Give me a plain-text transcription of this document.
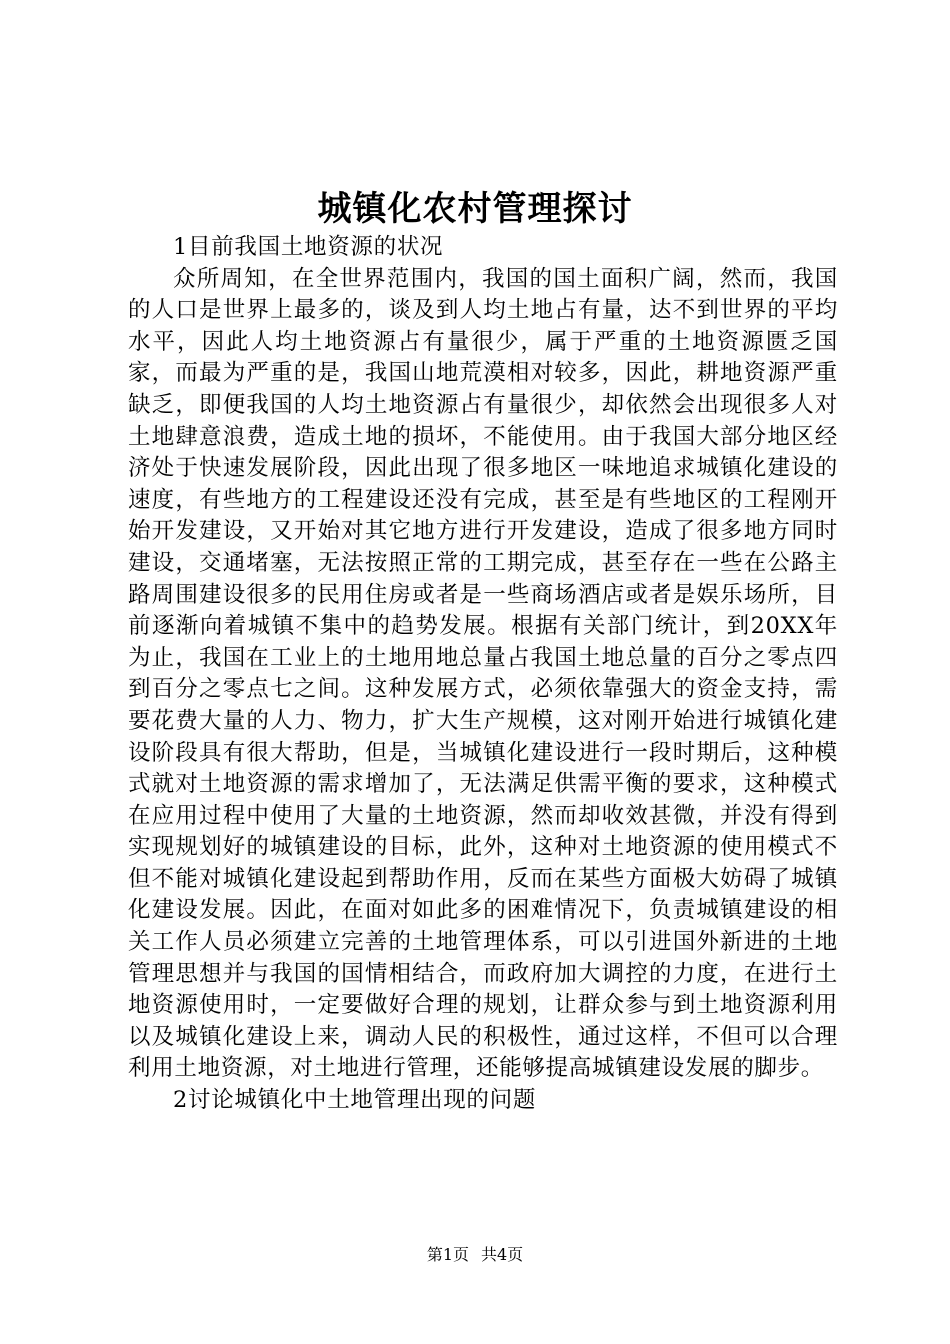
城镇化农村管理探讨

1目前我国土地资源的状况

众所周知，在全世界范围内，我国的国土面积广阔，然而，我国的人口是世界上最多的，谈及到人均土地占有量，达不到世界的平均水平，因此人均土地资源占有量很少，属于严重的土地资源匮乏国家，而最为严重的是，我国山地荒漠相对较多，因此，耕地资源严重缺乏，即便我国的人均土地资源占有量很少，却依然会出现很多人对土地肆意浪费，造成土地的损坏，不能使用。由于我国大部分地区经济处于快速发展阶段，因此出现了很多地区一味地追求城镇化建设的速度，有些地方的工程建设还没有完成，甚至是有些地区的工程刚开始开发建设，又开始对其它地方进行开发建设，造成了很多地方同时建设，交通堵塞，无法按照正常的工期完成，甚至存在一些在公路主路周围建设很多的民用住房或者是一些商场酒店或者是娱乐场所，目前逐渐向着城镇不集中的趋势发展。根据有关部门统计，到20XX年为止，我国在工业上的土地用地总量占我国土地总量的百分之零点四到百分之零点七之间。这种发展方式，必须依靠强大的资金支持，需要花费大量的人力、物力，扩大生产规模，这对刚开始进行城镇化建设阶段具有很大帮助，但是，当城镇化建设进行一段时期后，这种模式就对土地资源的需求增加了，无法满足供需平衡的要求，这种模式在应用过程中使用了大量的土地资源，然而却收效甚微，并没有得到实现规划好的城镇建设的目标，此外，这种对土地资源的使用模式不但不能对城镇化建设起到帮助作用，反而在某些方面极大妨碍了城镇化建设发展。因此，在面对如此多的困难情况下，负责城镇建设的相关工作人员必须建立完善的土地管理体系，可以引进国外新进的土地管理思想并与我国的国情相结合，而政府加大调控的力度，在进行土地资源使用时，一定要做好合理的规划，让群众参与到土地资源利用以及城镇化建设上来，调动人民的积极性，通过这样，不但可以合理利用土地资源，对土地进行管理，还能够提高城镇建设发展的脚步。

2讨论城镇化中土地管理出现的问题

第1页 共4页
